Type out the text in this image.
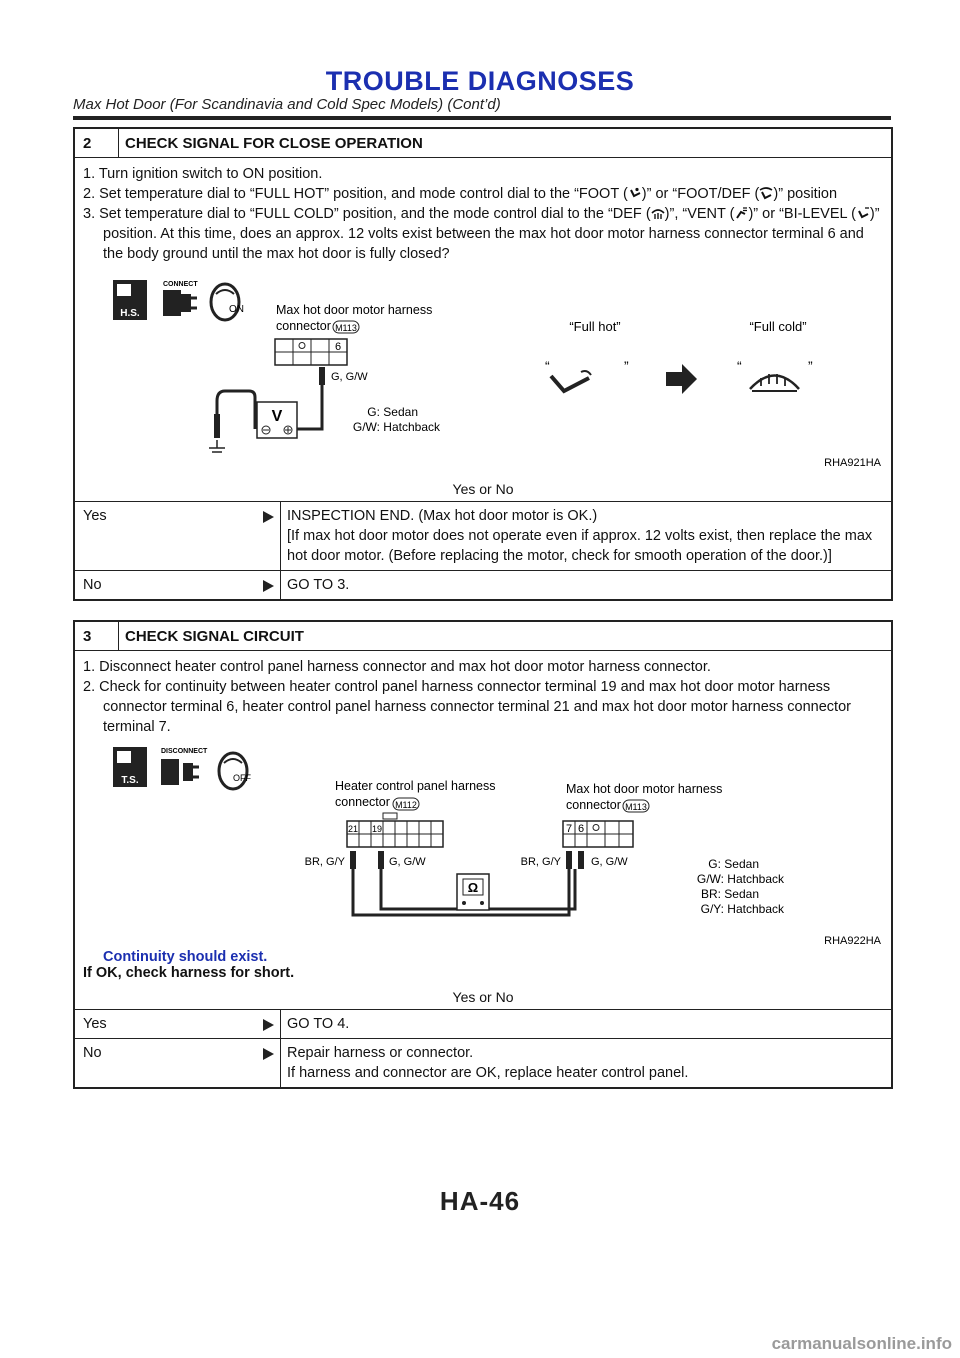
TROUBLE DIAGNOSES
Max Hot Door (For Scandinavia and Cold Spec Models) (Cont’d)
2	CHECK SIGNAL FOR CLOSE OPERATION
1. Turn ignition switch to ON position.
2. Set temperature dial to “FULL HOT” position, and mode control dial to the “FOOT ( )” or “FOOT/DEF ( )” position
3. Set temperature dial to “FULL COLD” position, and the mode control dial to the “DEF ( )”, “VENT ( )” or “BI-LEVEL ( )” position. At this time, does an approx. 12 volts exist between the max hot door motor harness connector terminal 6 and the body ground until the max hot door is fully closed?
H.S.
CONNECT
ON	Max hot door motor harness
connector M113
6
G, G/W
V	G: Sedan
G/W: Hatchback
“Full hot”	“Full cold”
“	”	“	”
RHA921HA
Yes or No
Yes	INSPECTION END. (Max hot door motor is OK.)
[If max hot door motor does not operate even if approx. 12 volts exist, then replace the max hot door motor. (Before replacing the motor, check for smooth operation of the door.)]
No	GO TO 3.
3	CHECK SIGNAL CIRCUIT
1. Disconnect heater control panel harness connector and max hot door motor harness connector.
2. Check for continuity between heater control panel harness connector terminal 19 and max hot door motor harness connector terminal 6, heater control panel harness connector terminal 21 and max hot door motor harness connector terminal 7.
T.S.
DISCONNECT
OFF
Heater control panel harness
connector M112
21 19
Max hot door motor harness
connector M113
7 6
BR, G/Y	G, G/W	BR, G/Y	G, G/W
Ω
G: Sedan
G/W: Hatchback
BR: Sedan
G/Y: Hatchback
RHA922HA
Continuity should exist.
If OK, check harness for short.
Yes or No
Yes	GO TO 4.
No	Repair harness or connector.
If harness and connector are OK, replace heater control panel.
HA-46
carmanualsonline.info
